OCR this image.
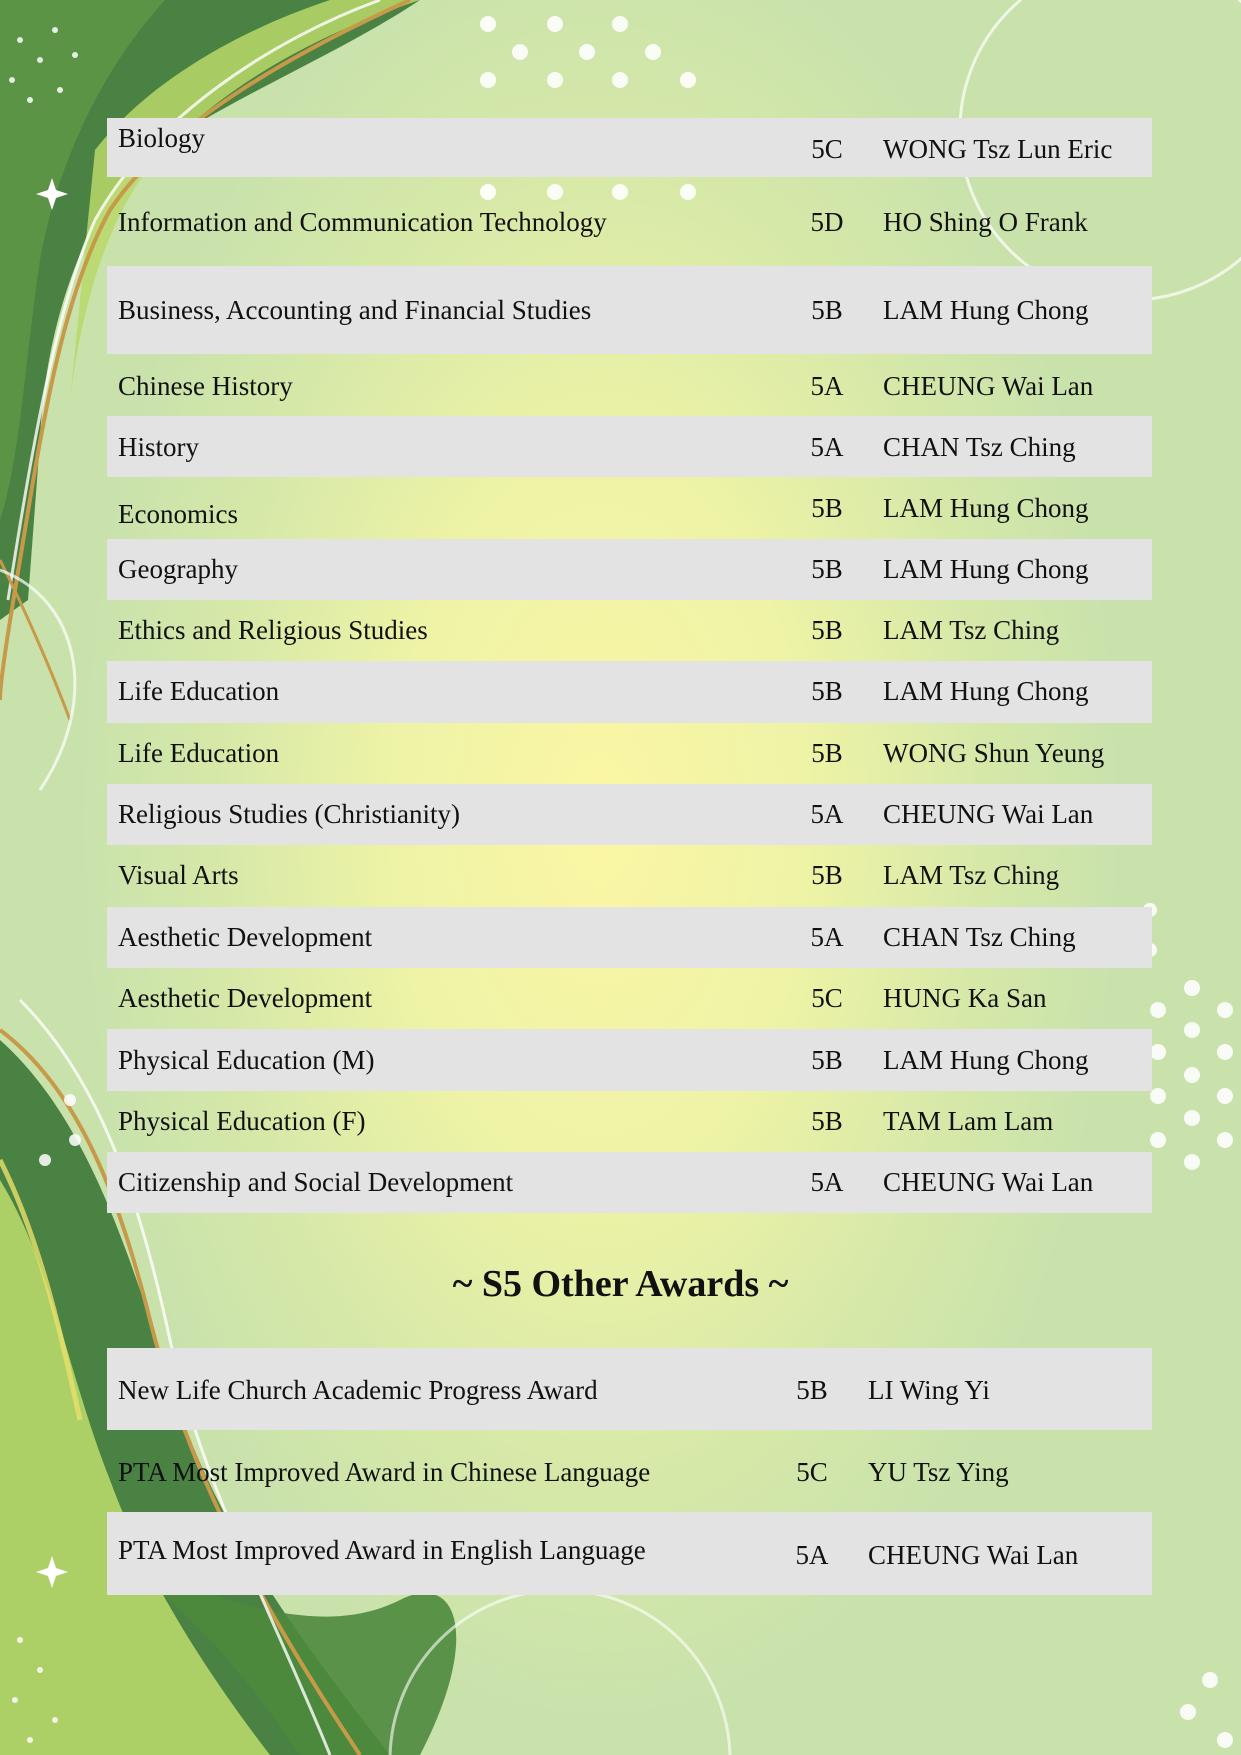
Biology	5C	WONG Tsz Lun Eric
Information and Communication Technology	5D	HO Shing O Frank
Business, Accounting and Financial Studies	5B	LAM Hung Chong
Chinese History	5A	CHEUNG Wai Lan
History	5A	CHAN Tsz Ching
Economics	5B	LAM Hung Chong
Geography	5B	LAM Hung Chong
Ethics and Religious Studies	5B	LAM Tsz Ching
Life Education	5B	LAM Hung Chong
Life Education	5B	WONG Shun Yeung
Religious Studies (Christianity)	5A	CHEUNG Wai Lan
Visual Arts	5B	LAM Tsz Ching
Aesthetic Development	5A	CHAN Tsz Ching
Aesthetic Development	5C	HUNG Ka San
Physical Education (M)	5B	LAM Hung Chong
Physical Education (F)	5B	TAM Lam Lam
Citizenship and Social Development	5A	CHEUNG Wai Lan
~ S5 Other Awards ~
New Life Church Academic Progress Award	5B	LI Wing Yi
PTA Most Improved Award in Chinese Language	5C	YU Tsz Ying
PTA Most Improved Award in English Language	5A	CHEUNG Wai Lan
